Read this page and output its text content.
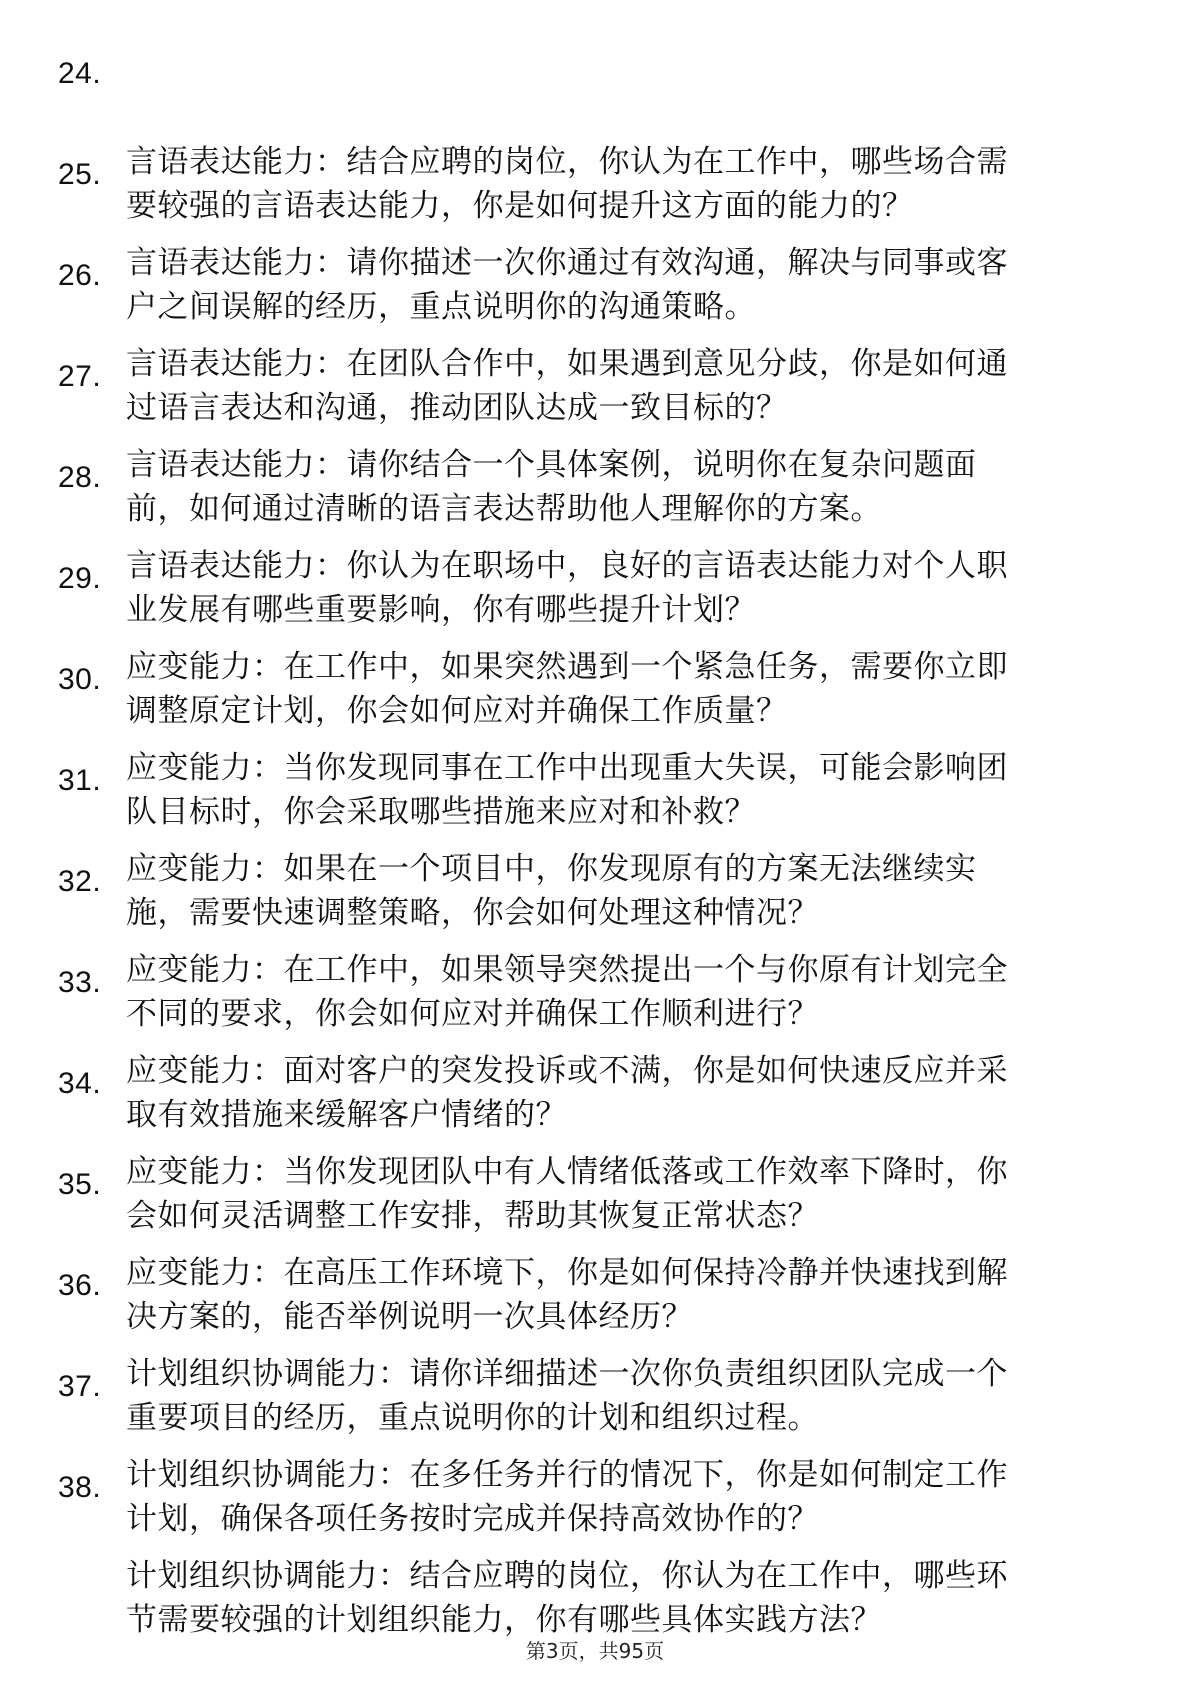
24.

言语表达能力：结合应聘的岗位，你认为在工作中，哪些场合需
要较强的言语表达能力，你是如何提升这方面的能力的？

25.

言语表达能力：请你描述一次你通过有效沟通，解决与同事或客
户之间误解的经历，重点说明你的沟通策略。

26.

言语表达能力：在团队合作中，如果遇到意见分歧，你是如何通
过语言表达和沟通，推动团队达成一致目标的？

27.

言语表达能力：请你结合一个具体案例，说明你在复杂问题面
前，如何通过清晰的语言表达帮助他人理解你的方案。

28.

言语表达能力：你认为在职场中，良好的言语表达能力对个人职
业发展有哪些重要影响，你有哪些提升计划？

29.

应变能力：在工作中，如果突然遇到一个紧急任务，需要你立即
调整原定计划，你会如何应对并确保工作质量？

30.

应变能力：当你发现同事在工作中出现重大失误，可能会影响团
队目标时，你会采取哪些措施来应对和补救？

31.

应变能力：如果在一个项目中，你发现原有的方案无法继续实
施，需要快速调整策略，你会如何处理这种情况？

32.

应变能力：在工作中，如果领导突然提出一个与你原有计划完全
不同的要求，你会如何应对并确保工作顺利进行？

33.

应变能力：面对客户的突发投诉或不满，你是如何快速反应并采
取有效措施来缓解客户情绪的？

34.

应变能力：当你发现团队中有人情绪低落或工作效率下降时，你
会如何灵活调整工作安排，帮助其恢复正常状态？

35.

应变能力：在高压工作环境下，你是如何保持冷静并快速找到解
决方案的，能否举例说明一次具体经历？

36.

计划组织协调能力：请你详细描述一次你负责组织团队完成一个
重要项目的经历，重点说明你的计划和组织过程。

37.

计划组织协调能力：在多任务并行的情况下，你是如何制定工作
计划，确保各项任务按时完成并保持高效协作的？

38.

计划组织协调能力：结合应聘的岗位，你认为在工作中，哪些环
节需要较强的计划组织能力，你有哪些具体实践方法？

第3页，共95页
